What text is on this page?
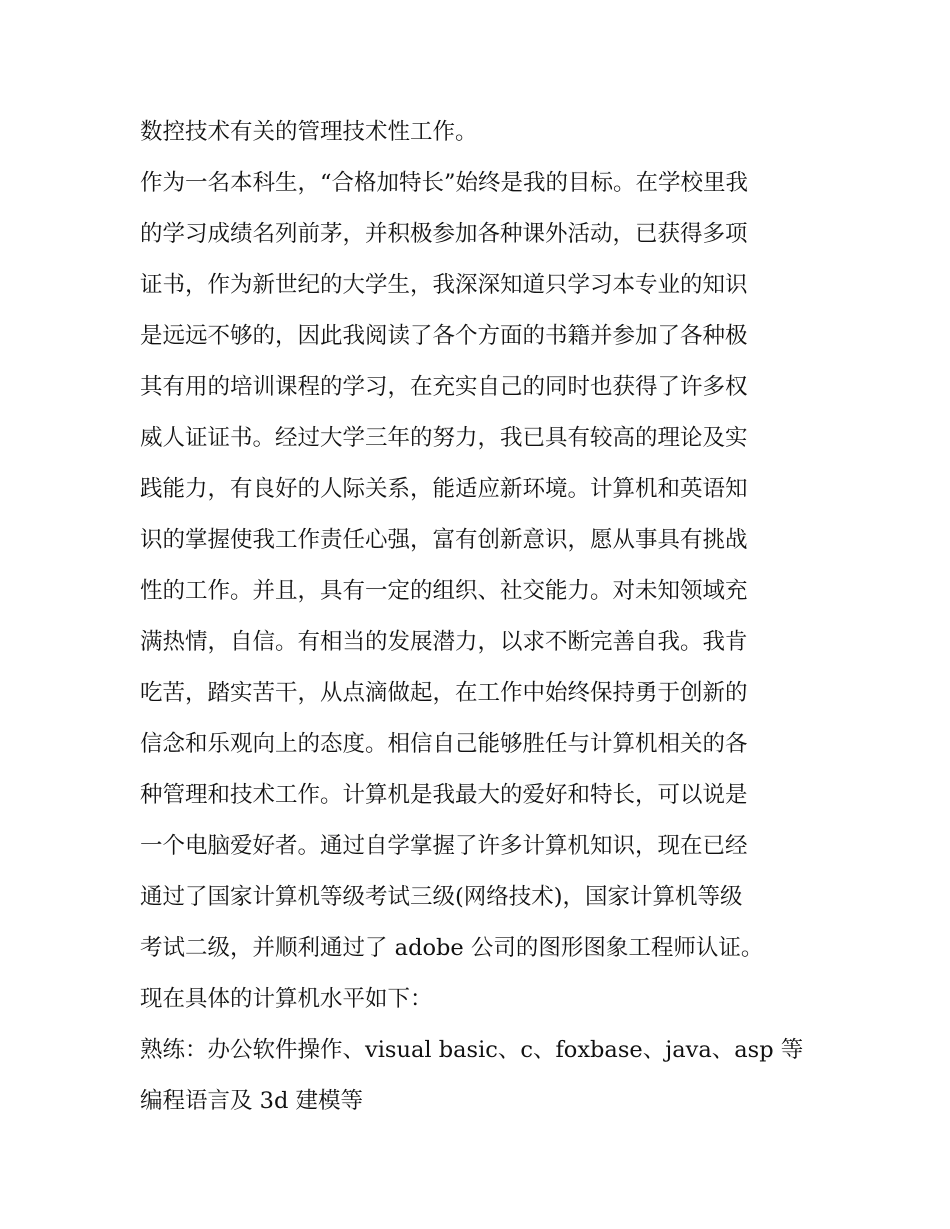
数控技术有关的管理技术性工作。
作为一名本科生，“合格加特长”始终是我的目标。在学校里我
的学习成绩名列前茅，并积极参加各种课外活动，已获得多项
证书，作为新世纪的大学生，我深深知道只学习本专业的知识
是远远不够的，因此我阅读了各个方面的书籍并参加了各种极
其有用的培训课程的学习，在充实自己的同时也获得了许多权
威人证证书。经过大学三年的努力，我已具有较高的理论及实
践能力，有良好的人际关系，能适应新环境。计算机和英语知
识的掌握使我工作责任心强，富有创新意识，愿从事具有挑战
性的工作。并且，具有一定的组织、社交能力。对未知领域充
满热情，自信。有相当的发展潜力，以求不断完善自我。我肯
吃苦，踏实苦干，从点滴做起，在工作中始终保持勇于创新的
信念和乐观向上的态度。相信自己能够胜任与计算机相关的各
种管理和技术工作。计算机是我最大的爱好和特长，可以说是
一个电脑爱好者。通过自学掌握了许多计算机知识，现在已经
通过了国家计算机等级考试三级(网络技术)，国家计算机等级
考试二级，并顺利通过了 adobe 公司的图形图象工程师认证。
现在具体的计算机水平如下：
熟练：办公软件操作、visual basic、c、foxbase、java、asp 等
编程语言及 3d 建模等
